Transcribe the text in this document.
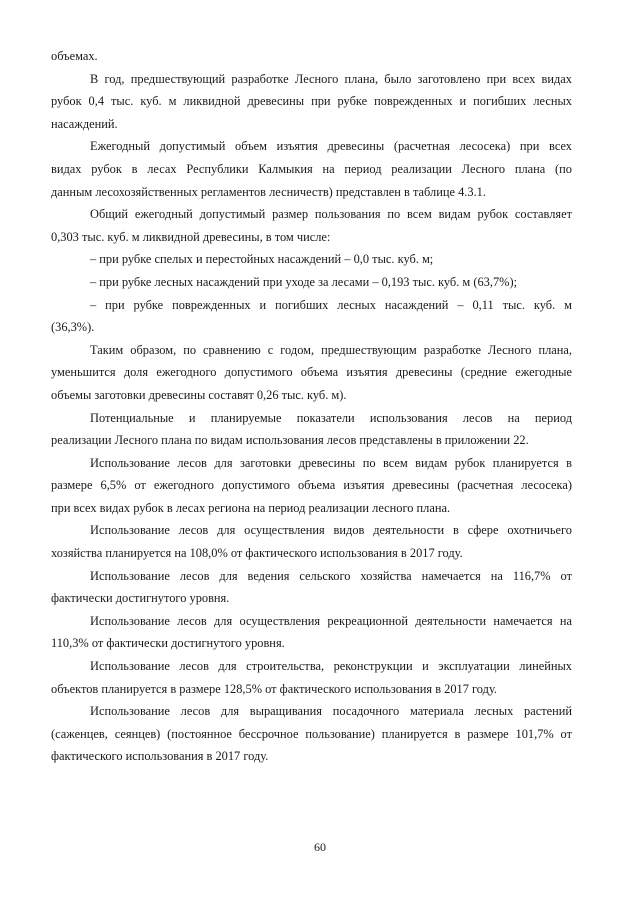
объемах.
В год, предшествующий разработке Лесного плана, было заготовлено при всех видах
рубок 0,4 тыс. куб. м ликвидной древесины при рубке поврежденных и погибших лесных
насаждений.
Ежегодный допустимый объем изъятия древесины (расчетная лесосека) при всех
видах рубок в лесах Республики Калмыкия на период реализации Лесного плана (по
данным лесохозяйственных регламентов лесничеств) представлен в таблице 4.3.1.
Общий ежегодный допустимый размер пользования по всем видам рубок составляет
0,303 тыс. куб. м ликвидной древесины, в том числе:
– при рубке спелых и перестойных насаждений – 0,0 тыс. куб. м;
– при рубке лесных насаждений при уходе за лесами – 0,193 тыс. куб. м (63,7%);
– при рубке поврежденных и погибших лесных насаждений – 0,11 тыс. куб. м
(36,3%).
Таким образом, по сравнению с годом, предшествующим разработке Лесного плана,
уменьшится доля ежегодного допустимого объема изъятия древесины (средние ежегодные
объемы заготовки древесины составят 0,26 тыс. куб. м).
Потенциальные и планируемые показатели использования лесов на период
реализации Лесного плана по видам использования лесов представлены в приложении 22.
Использование лесов для заготовки древесины по всем видам рубок планируется в
размере 6,5% от ежегодного допустимого объема изъятия древесины (расчетная лесосека)
при всех видах рубок в лесах региона на период реализации лесного плана.
Использование лесов для осуществления видов деятельности в сфере охотничьего
хозяйства планируется на 108,0% от фактического использования в 2017 году.
Использование лесов для ведения сельского хозяйства намечается на 116,7% от
фактически достигнутого уровня.
Использование лесов для осуществления рекреационной деятельности намечается на
110,3% от фактически достигнутого уровня.
Использование лесов для строительства, реконструкции и эксплуатации линейных
объектов планируется в размере 128,5% от фактического использования в 2017 году.
Использование лесов для выращивания посадочного материала лесных растений
(саженцев, сеянцев) (постоянное бессрочное пользование) планируется в размере 101,7% от
фактического использования в 2017 году.
60
